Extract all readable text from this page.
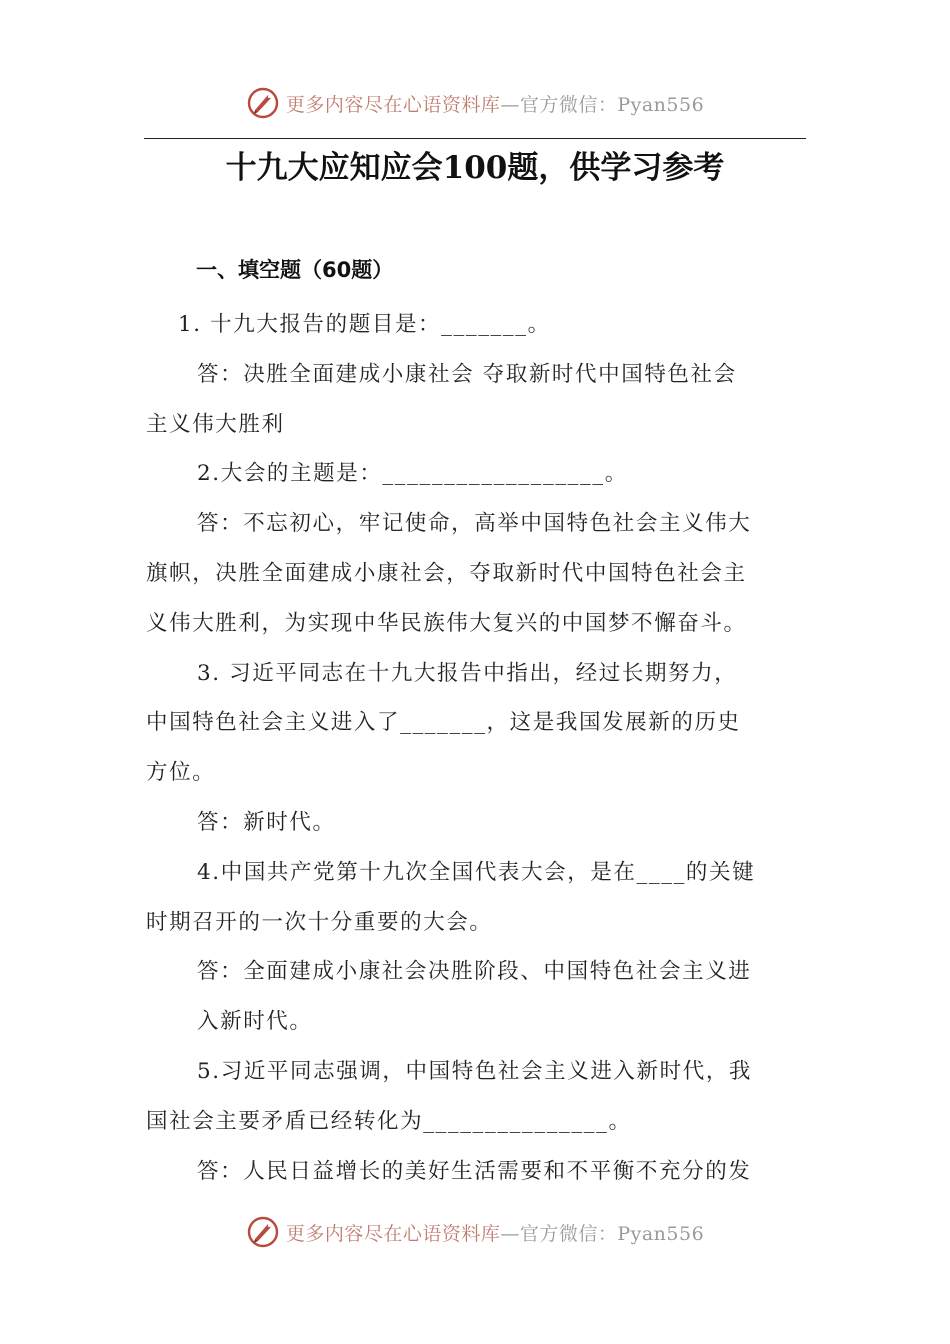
更多内容尽在心语资料库—官方微信：Pyan556
十九大应知应会100题，供学习参考
一、填空题（60题）
1. 十九大报告的题目是：_______。
答：决胜全面建成小康社会 夺取新时代中国特色社会
主义伟大胜利
2.大会的主题是：__________________。
答：不忘初心，牢记使命，高举中国特色社会主义伟大
旗帜，决胜全面建成小康社会，夺取新时代中国特色社会主
义伟大胜利，为实现中华民族伟大复兴的中国梦不懈奋斗。
3. 习近平同志在十九大报告中指出，经过长期努力，
中国特色社会主义进入了_______，这是我国发展新的历史
方位。
答：新时代。
4.中国共产党第十九次全国代表大会，是在____的关键
时期召开的一次十分重要的大会。
答：全面建成小康社会决胜阶段、中国特色社会主义进
入新时代。
5.习近平同志强调，中国特色社会主义进入新时代，我
国社会主要矛盾已经转化为_______________。
答：人民日益增长的美好生活需要和不平衡不充分的发
更多内容尽在心语资料库—官方微信：Pyan556
